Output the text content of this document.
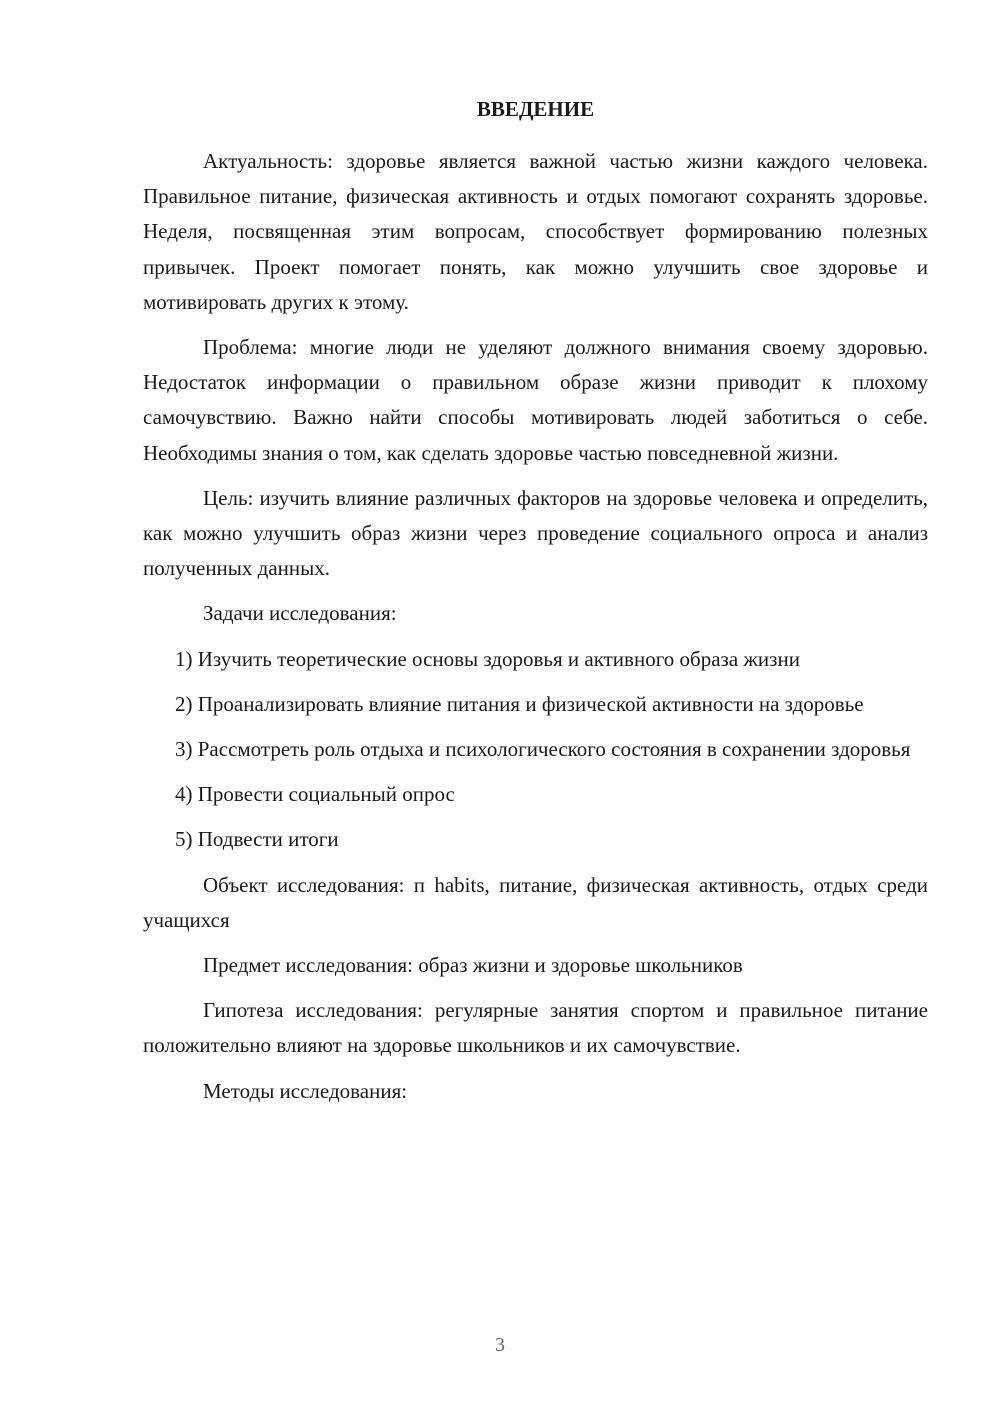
ВВЕДЕНИЕ

Актуальность: здоровье является важной частью жизни каждого человека. Правильное питание, физическая активность и отдых помогают сохранять здоровье. Неделя, посвященная этим вопросам, способствует формированию полезных привычек. Проект помогает понять, как можно улучшить свое здоровье и мотивировать других к этому.

Проблема: многие люди не уделяют должного внимания своему здоровью. Недостаток информации о правильном образе жизни приводит к плохому самочувствию. Важно найти способы мотивировать людей заботиться о себе. Необходимы знания о том, как сделать здоровье частью повседневной жизни.

Цель: изучить влияние различных факторов на здоровье человека и определить, как можно улучшить образ жизни через проведение социального опроса и анализ полученных данных.

Задачи исследования:

1) Изучить теоретические основы здоровья и активного образа жизни

2) Проанализировать влияние питания и физической активности на здоровье

3) Рассмотреть роль отдыха и психологического состояния в сохранении здоровья

4) Провести социальный опрос

5) Подвести итоги

Объект исследования: п habits, питание, физическая активность, отдых среди учащихся

Предмет исследования: образ жизни и здоровье школьников

Гипотеза исследования: регулярные занятия спортом и правильное питание положительно влияют на здоровье школьников и их самочувствие.

Методы исследования:

3
